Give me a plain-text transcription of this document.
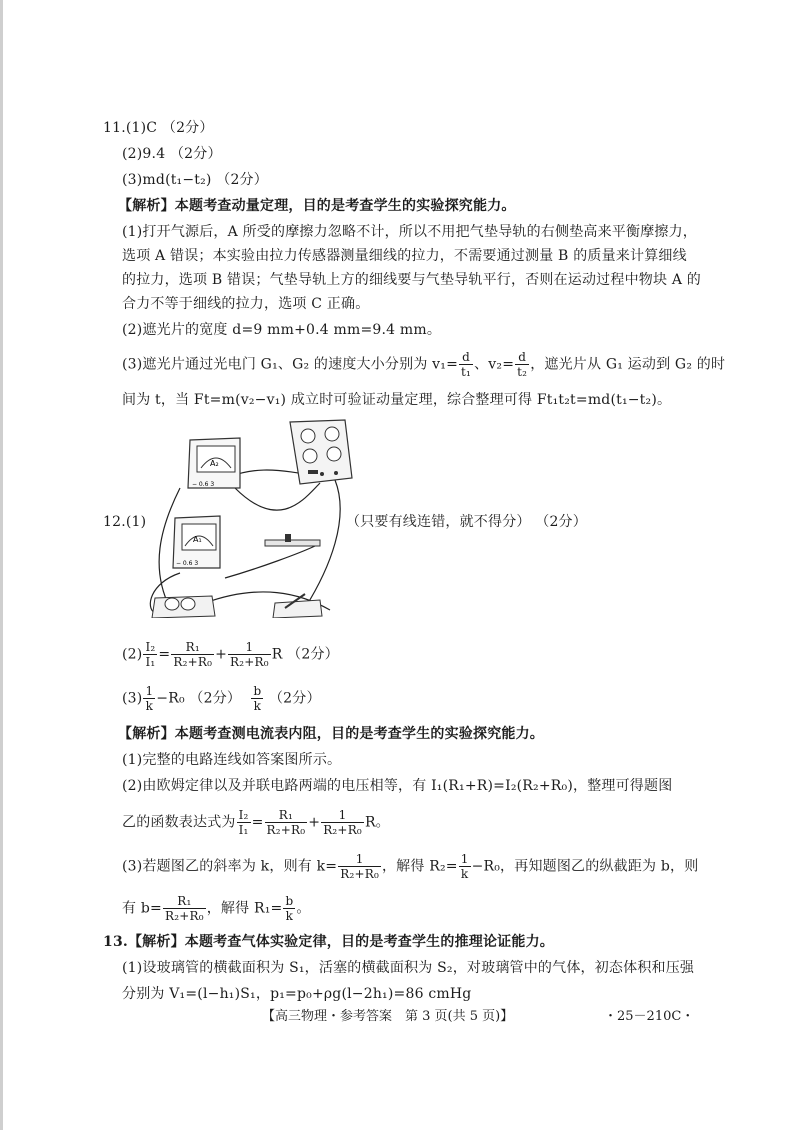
11.(1)C （2分）
(2)9.4 （2分）
(3)md(t₁−t₂) （2分）
【解析】本题考查动量定理，目的是考查学生的实验探究能力。
(1)打开气源后，A 所受的摩擦力忽略不计，所以不用把气垫导轨的右侧垫高来平衡摩擦力，
选项 A 错误；本实验由拉力传感器测量细线的拉力，不需要通过测量 B 的质量来计算细线
的拉力，选项 B 错误；气垫导轨上方的细线要与气垫导轨平行，否则在运动过程中物块 A 的
合力不等于细线的拉力，选项 C 正确。
(2)遮光片的宽度 d=9 mm+0.4 mm=9.4 mm。
(3)遮光片通过光电门 G₁、G₂ 的速度大小分别为 $v_1= \frac{d}{\text{t₁}}$ 、$v_2= \frac{d}{\text{t₂}}$ ，遮光片从 G₁ 运动到 G₂ 的时
间为 t，当 Ft=m(v₂−v₁) 成立时可验证动量定理，综合整理可得 Ft₁t₂t=md(t₁−t₂)。
A₂
− 0.6 3
A₁
− 0.6 3
12.(1)	（只要有线连错，就不得分） （2分）
$(2) \frac{\text{I₂}}{\text{I₁}} = \frac{\text{R₁}}{\text{R₂+R₀}} + \frac{1}{\text{R₂+R₀}}$ R （2分）
$(3) \frac{1}{k} -R_0$ （2分） $\frac{b}{k} (2$分）
【解析】本题考查测电流表内阻，目的是考查学生的实验探究能力。
(1)完整的电路连线如答案图所示。
(2)由欧姆定律以及并联电路两端的电压相等，有 I₁(R₁+R)=I₂(R₂+R₀)，整理可得题图
乙的函数表达式为 $\frac{\text{I₂}}{\text{I₁}} = \frac{\text{R₁}}{\text{R₂+R₀}} + \frac{1}{\text{R₂+R₀}}$ R。
(3)若题图乙的斜率为 k，则有 $k= \frac{1}{\text{R₂+R₀}}$ ，解得 $R_2= \frac{1}{k} -R_0$，再知题图乙的纵截距为 b，则
有 $b= \frac{\text{R₁}}{\text{R₂+R₀}}$ ，解得 $R_1= \frac{b}{k}$ 。
13.【解析】本题考查气体实验定律，目的是考查学生的推理论证能力。
(1)设玻璃管的横截面积为 S₁，活塞的横截面积为 S₂，对玻璃管中的气体，初态体积和压强
分别为 V₁=(l−h₁)S₁，p₁=p₀+ρg(l−2h₁)=86 cmHg
【高三物理・参考答案　第 3 页(共 5 页)】	・25－210C・
